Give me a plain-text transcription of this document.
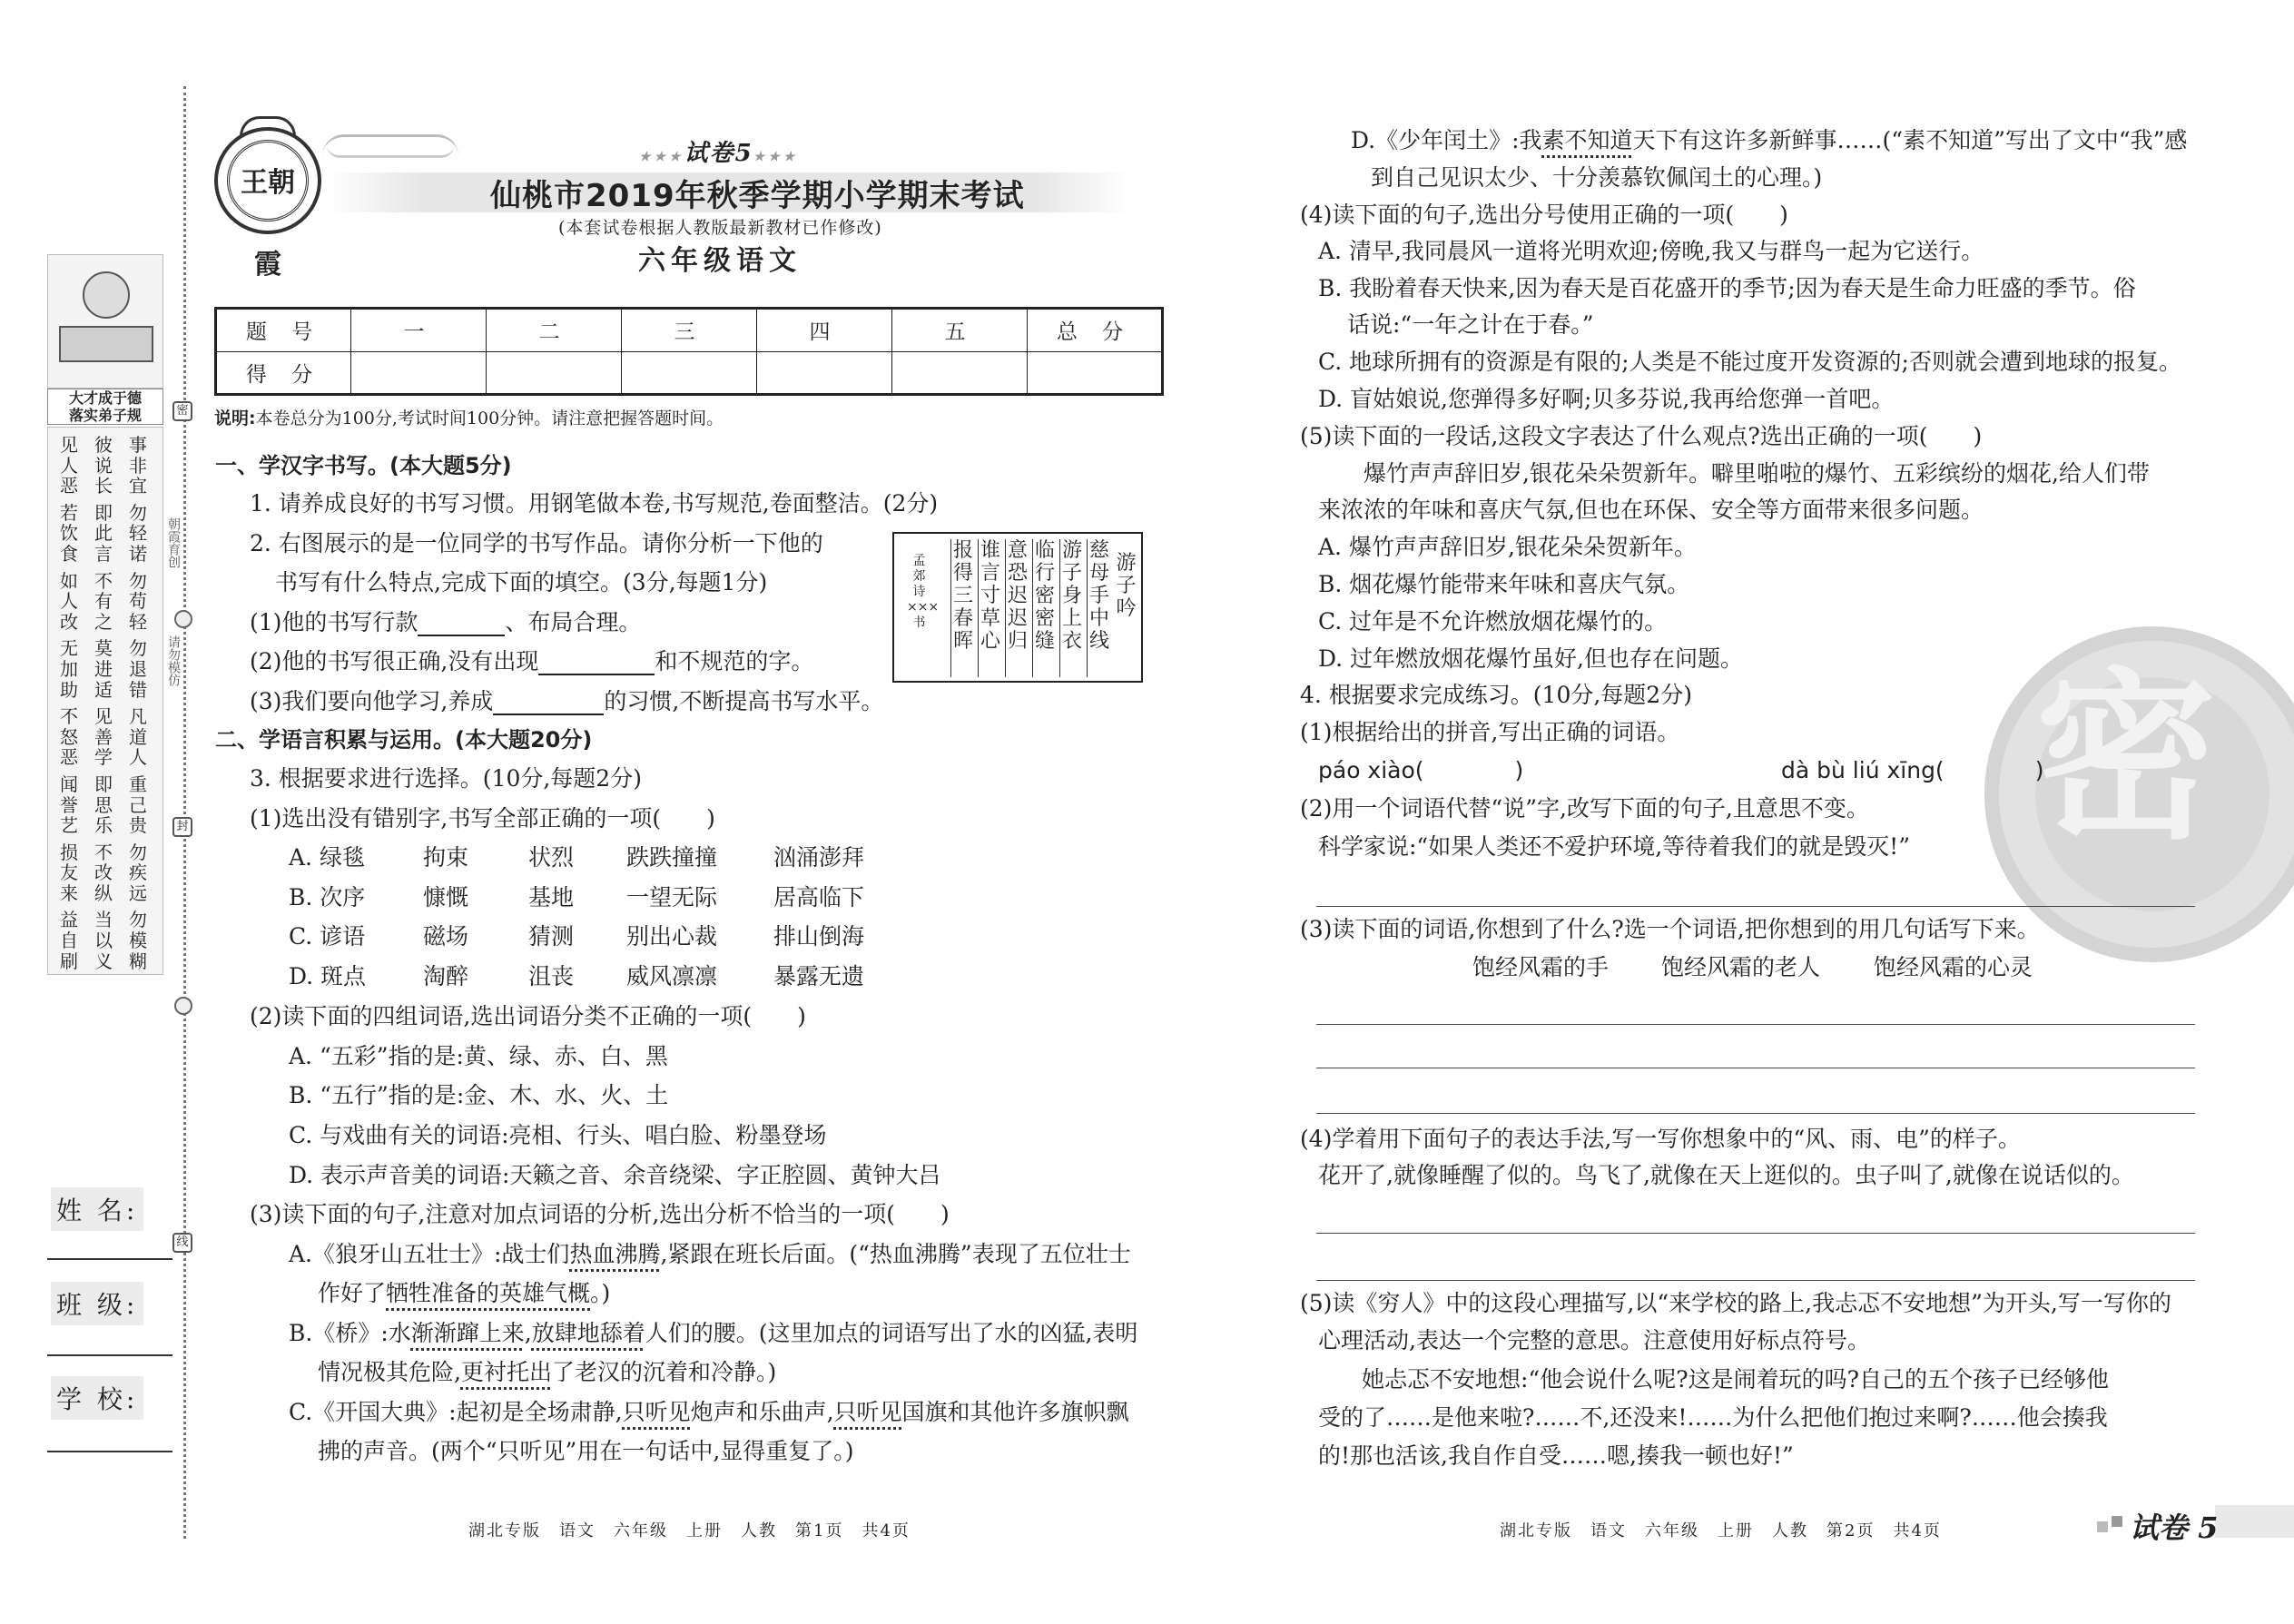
大才成于德
落实弟子规
事非宜
勿轻诺
勿苟轻
勿退错
凡道人
重己贵
勿疾远
勿模糊
彼说长
即此言
不有之
莫进适
见善学
即思乐
不改纵
当以义
见人恶
若饮食
如人改
无加助
不怒恶
闻誉艺
损友来
益自刷
密
封
线
朝霞育创
请勿模仿
姓 名:
班 级:
学 校:
王朝霞
★★★试卷5★★★
仙桃市2019年秋季学期小学期末考试
(本套试卷根据人教版最新教材已作修改)
六年级语文
题 号	一	二	三	四	五	总 分
得 分						
说明:本卷总分为100分,考试时间100分钟。请注意把握答题时间。
一、学汉字书写。(本大题5分)
1. 请养成良好的书写习惯。用钢笔做本卷,书写规范,卷面整洁。(2分)
2. 右图展示的是一位同学的书写作品。请你分析一下他的
书写有什么特点,完成下面的填空。(3分,每题1分)
(1)他的书写行款	、布局合理。
(2)他的书写很正确,没有出现	和不规范的字。
(3)我们要向他学习,养成	的习惯,不断提高书写水平。
游子吟
慈母手中线
游子身上衣
临行密密缝
意恐迟迟归
谁言寸草心
报得三春晖
孟郊诗×××书
二、学语言积累与运用。(本大题20分)
3. 根据要求进行选择。(10分,每题2分)
(1)选出没有错别字,书写全部正确的一项(　　)
A. 绿毯	拘束	状烈 跌跌撞撞 汹涌澎拜
B. 次序	慷慨	基地 一望无际 居高临下
C. 谚语	磁场	猜测 别出心裁 排山倒海
D. 斑点	淘醉	沮丧 威风凛凛 暴露无遗
(2)读下面的四组词语,选出词语分类不正确的一项(　　)
A. “五彩”指的是:黄、绿、赤、白、黑
B. “五行”指的是:金、木、水、火、土
C. 与戏曲有关的词语:亮相、行头、唱白脸、粉墨登场
D. 表示声音美的词语:天籁之音、余音绕梁、字正腔圆、黄钟大吕
(3)读下面的句子,注意对加点词语的分析,选出分析不恰当的一项(　　)
A.《狼牙山五壮士》:战士们热血沸腾,紧跟在班长后面。(“热血沸腾”表现了五位壮士
作好了牺牲准备的英雄气概。)
B.《桥》:水渐渐蹿上来,放肆地舔着人们的腰。(这里加点的词语写出了水的凶猛,表明
情况极其危险,更衬托出了老汉的沉着和冷静。)
C.《开国大典》:起初是全场肃静,只听见炮声和乐曲声,只听见国旗和其他许多旗帜飘
拂的声音。(两个“只听见”用在一句话中,显得重复了。)
湖北专版　语文　六年级　上册　人教　第1页　共4页
密
D.《少年闰土》:我素不知道天下有这许多新鲜事……(“素不知道”写出了文中“我”感
到自己见识太少、十分羡慕钦佩闰土的心理。)
(4)读下面的句子,选出分号使用正确的一项(　　)
A. 清早,我同晨风一道将光明欢迎;傍晚,我又与群鸟一起为它送行。
B. 我盼着春天快来,因为春天是百花盛开的季节;因为春天是生命力旺盛的季节。俗
话说:“一年之计在于春。”
C. 地球所拥有的资源是有限的;人类是不能过度开发资源的;否则就会遭到地球的报复。
D. 盲姑娘说,您弹得多好啊;贝多芬说,我再给您弹一首吧。
(5)读下面的一段话,这段文字表达了什么观点?选出正确的一项(　　)
爆竹声声辞旧岁,银花朵朵贺新年。噼里啪啦的爆竹、五彩缤纷的烟花,给人们带
来浓浓的年味和喜庆气氛,但也在环保、安全等方面带来很多问题。
A. 爆竹声声辞旧岁,银花朵朵贺新年。
B. 烟花爆竹能带来年味和喜庆气氛。
C. 过年是不允许燃放烟花爆竹的。
D. 过年燃放烟花爆竹虽好,但也存在问题。
4. 根据要求完成练习。(10分,每题2分)
(1)根据给出的拼音,写出正确的词语。
páo xiào(　　　　)	dà bù liú xīng(　　　　)
(2)用一个词语代替“说”字,改写下面的句子,且意思不变。
科学家说:“如果人类还不爱护环境,等待着我们的就是毁灭!”
(3)读下面的词语,你想到了什么?选一个词语,把你想到的用几句话写下来。
饱经风霜的手 饱经风霜的老人 饱经风霜的心灵
(4)学着用下面句子的表达手法,写一写你想象中的“风、雨、电”的样子。
花开了,就像睡醒了似的。鸟飞了,就像在天上逛似的。虫子叫了,就像在说话似的。
(5)读《穷人》中的这段心理描写,以“来学校的路上,我忐忑不安地想”为开头,写一写你的
心理活动,表达一个完整的意思。注意使用好标点符号。
她忐忑不安地想:“他会说什么呢?这是闹着玩的吗?自己的五个孩子已经够他
受的了……是他来啦?……不,还没来!……为什么把他们抱过来啊?……他会揍我
的!那也活该,我自作自受……嗯,揍我一顿也好!”
湖北专版　语文　六年级　上册　人教　第2页　共4页	试卷 5
